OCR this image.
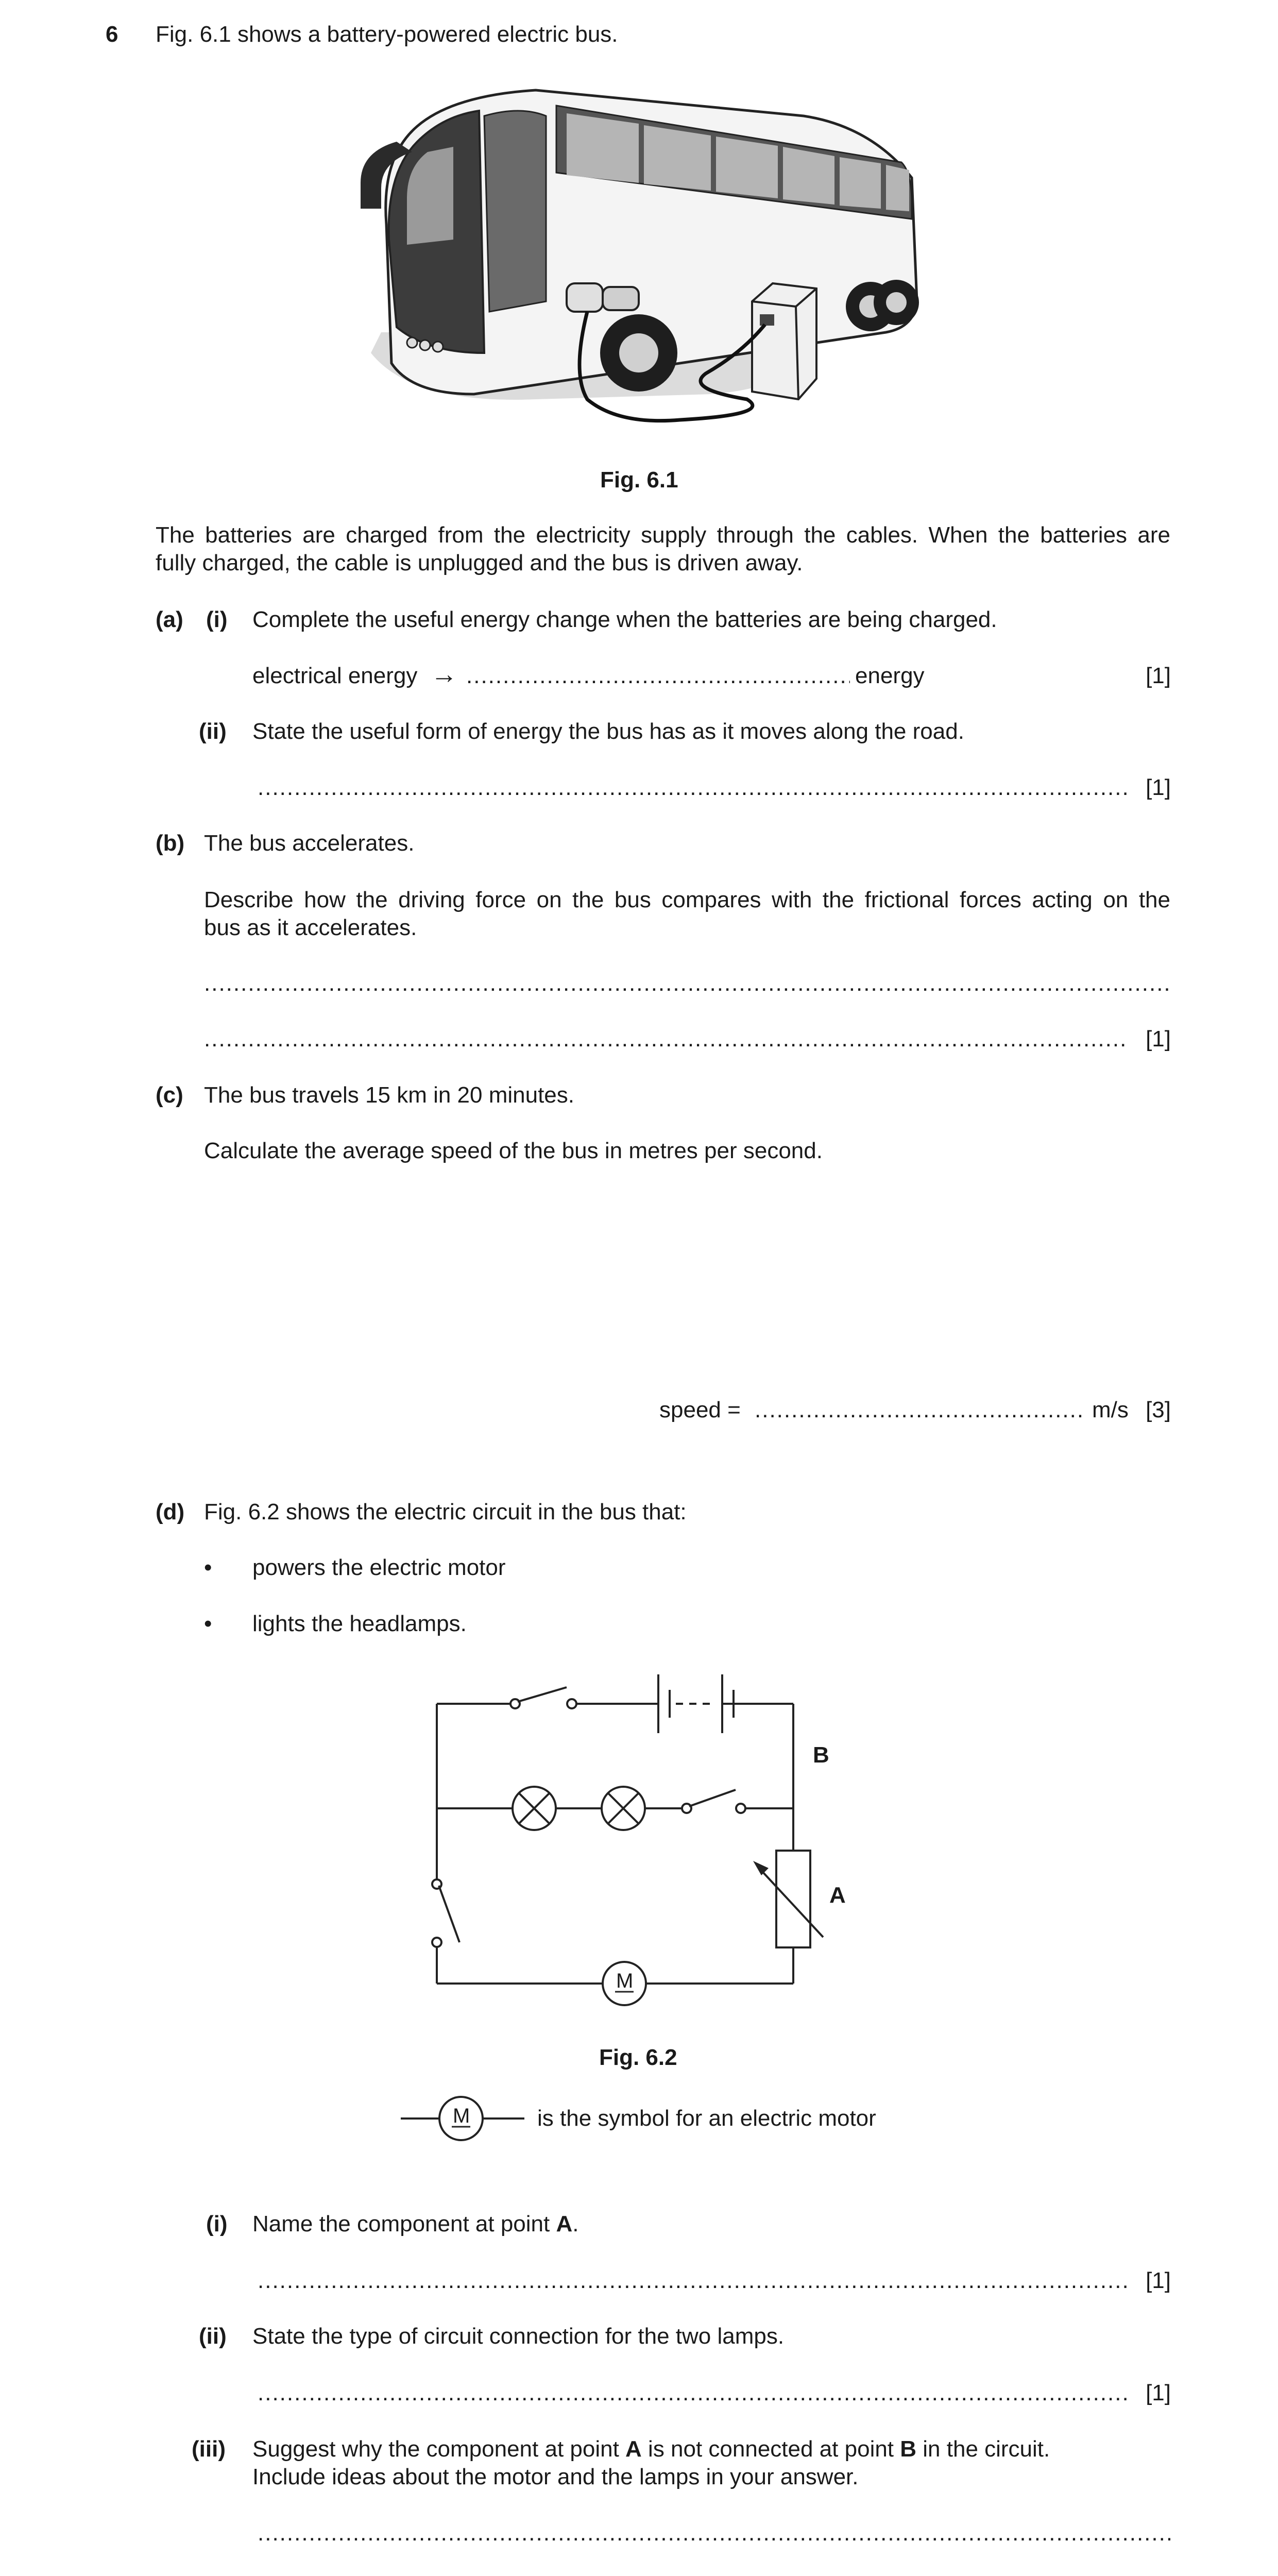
6 Fig. 6.1 shows a battery-powered electric bus.
Fig. 6.1
The batteries are charged from the electricity supply through the cables. When the batteries are
fully charged, the cable is unplugged and the bus is driven away.
(a) (i) Complete the useful energy change when the batteries are being charged.
electrical energy → .....	energy	[1]
(ii) State the useful form of energy the bus has as it moves along the road.
.....
[1]
(b) The bus accelerates.
Describe how the driving force on the bus compares with the frictional forces acting on the
bus as it accelerates.
.....
.....
[1]
(c) The bus travels 15 km in 20 minutes.
Calculate the average speed of the bus in metres per second.
speed = .....	m/s [3]
(d) Fig. 6.2 shows the electric circuit in the bus that:
• powers the electric motor
• lights the headlamps.
B
A
M
Fig. 6.2
M	is the symbol for an electric motor
(i) Name the component at point A.
.....
[1]
(ii) State the type of circuit connection for the two lamps.
.....
[1]
(iii) Suggest why the component at point A is not connected at point B in the circuit.
Include ideas about the motor and the lamps in your answer.
.....
.....
